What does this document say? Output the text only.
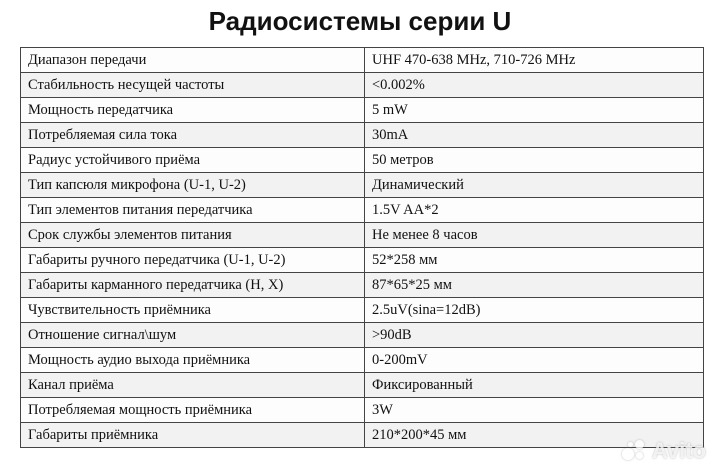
Радиосистемы серии U
Диапазон передачи	UHF 470-638 MHz, 710-726 MHz
Стабильность несущей частоты	<0.002%
Мощность передатчика	5 mW
Потребляемая сила тока	30mA
Радиус устойчивого приёма	50 метров
Тип капсюля микрофона (U-1, U-2)	Динамический
Тип элементов питания передатчика	1.5V AA*2
Срок службы элементов питания	Не менее 8 часов
Габариты ручного передатчика (U-1, U-2)	52*258 мм
Габариты карманного передатчика (H, X)	87*65*25 мм
Чувствительность приёмника	2.5uV(sina=12dB)
Отношение сигнал\шум	>90dB
Мощность аудио выхода приёмника	0-200mV
Канал приёма	Фиксированный
Потребляемая мощность приёмника	3W
Габариты приёмника	210*200*45 мм
Avito
